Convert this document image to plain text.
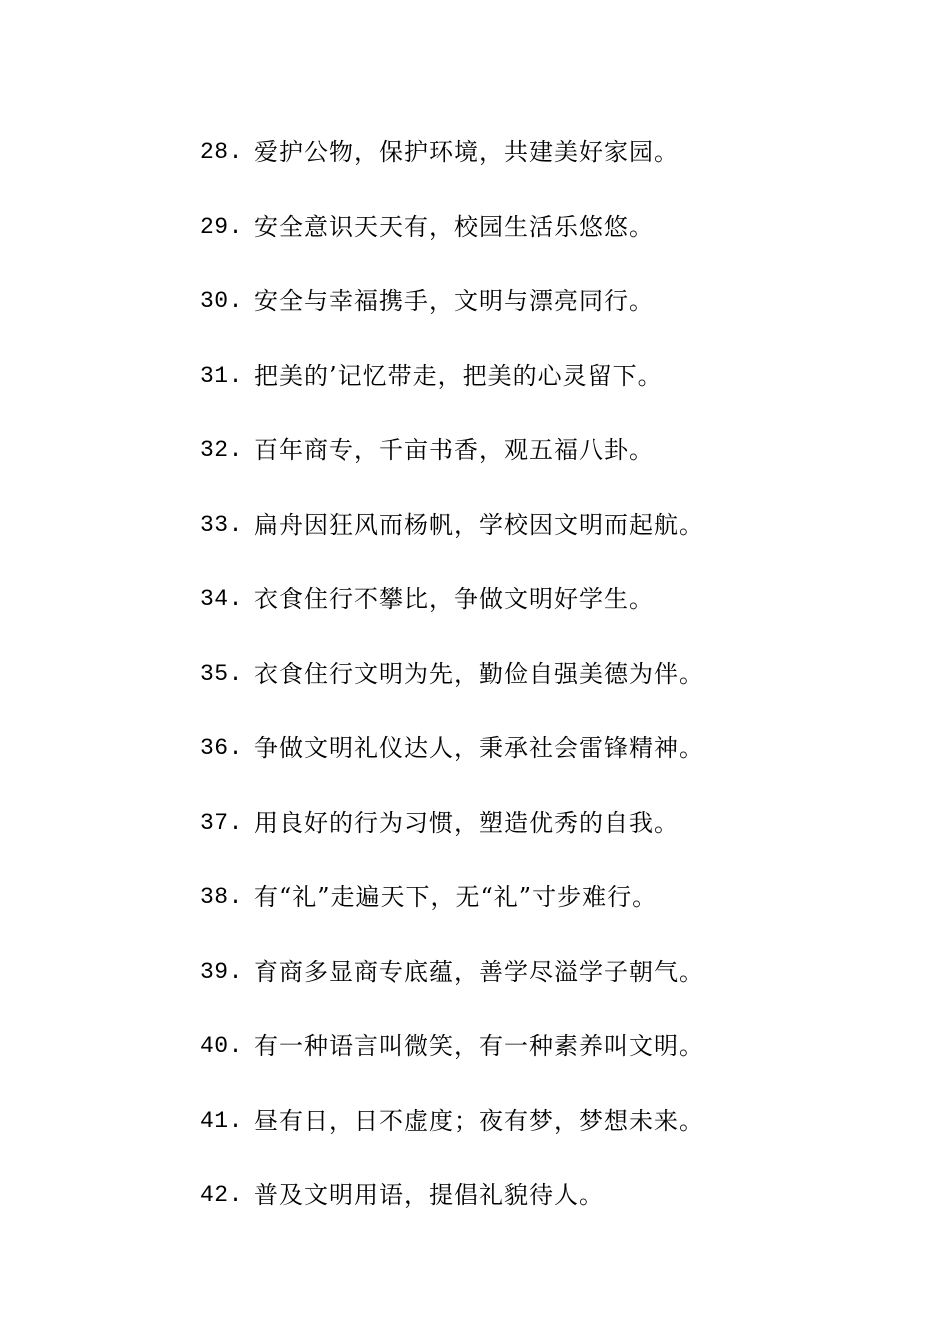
28. 爱护公物，保护环境，共建美好家园。
29. 安全意识天天有，校园生活乐悠悠。
30. 安全与幸福携手，文明与漂亮同行。
31. 把美的’记忆带走，把美的心灵留下。
32. 百年商专，千亩书香，观五福八卦。
33. 扁舟因狂风而杨帆，学校因文明而起航。
34. 衣食住行不攀比，争做文明好学生。
35. 衣食住行文明为先，勤俭自强美德为伴。
36. 争做文明礼仪达人，秉承社会雷锋精神。
37. 用良好的行为习惯，塑造优秀的自我。
38. 有“礼”走遍天下，无“礼”寸步难行。
39. 育商多显商专底蕴，善学尽溢学子朝气。
40. 有一种语言叫微笑，有一种素养叫文明。
41. 昼有日，日不虚度；夜有梦，梦想未来。
42. 普及文明用语，提倡礼貌待人。
